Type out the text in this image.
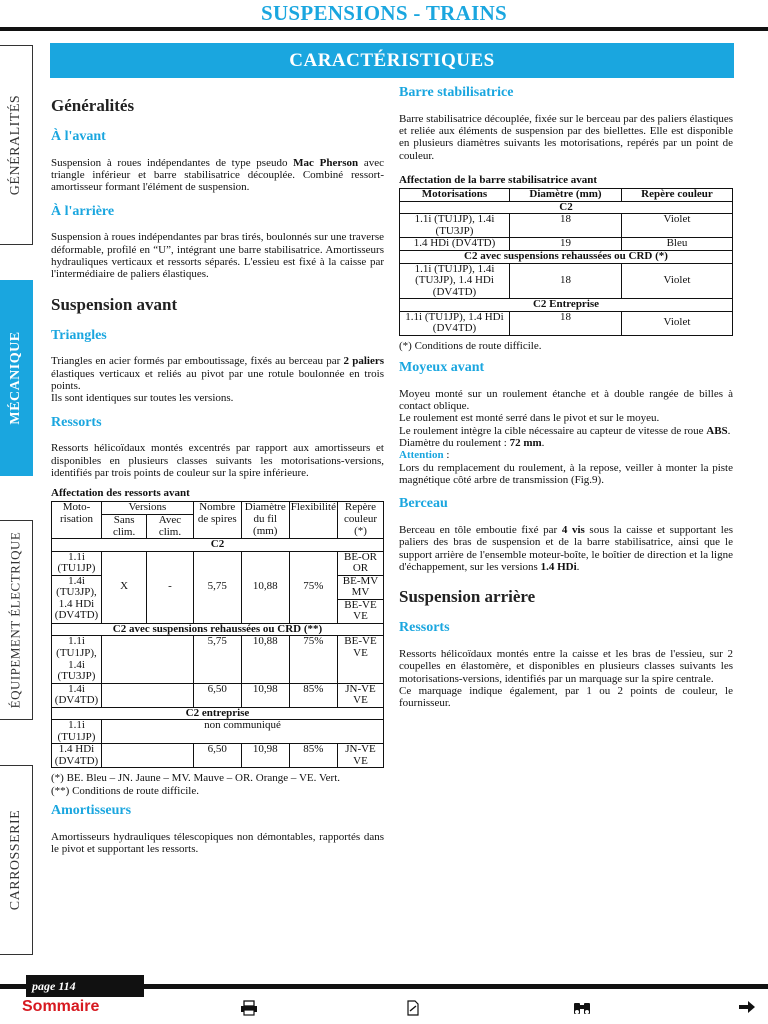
SUSPENSIONS - TRAINS
GÉNÉRALITÉS
MÉCANIQUE
ÉQUIPEMENT ÉLECTRIQUE
CARROSSERIE
CARACTÉRISTIQUES
Généralités
À l'avant

Suspension à roues indépendantes de type pseudo Mac Pherson avec triangle inférieur et barre stabilisatrice découplée. Combiné ressort-amortisseur formant l'élément de suspension.

À l'arrière

Suspension à roues indépendantes par bras tirés, boulonnés sur une traverse déformable, profilé en “U”, intégrant une barre stabilisatrice. Amortisseurs hydrauliques verticaux et ressorts séparés. L'essieu est fixé à la caisse par l'intermédiaire de paliers élastiques.

Suspension avant
Triangles

Triangles en acier formés par emboutissage, fixés au berceau par 2 paliers élastiques verticaux et reliés au pivot par une rotule boulonnée en trois points.

Ils sont identiques sur toutes les versions.

Ressorts

Ressorts hélicoïdaux montés excentrés par rapport aux amortisseurs et disponibles en plusieurs classes suivants les motorisations-versions, identifiés par trois points de couleur sur la spire inférieure.

Affectation des ressorts avant
Moto-risation	Versions		Nombre de spires	Diamètre du fil (mm)	Flexibilité	Repère couleur (*)
	Sans clim.	Avec clim.				
C2						
1.1i (TU1JP)	X	-	5,75	10,88	75%	BE-OR OR
1.4i (TU3JP), 1.4 HDi (DV4TD)						BE-MV MV
						BE-VE VE
C2 avec suspensions rehaussées ou CRD (**)						
1.1i (TU1JP), 1.4i (TU3JP)			5,75	10,88	75%	BE-VE VE
1.4i (DV4TD)			6,50	10,98	85%	JN-VE VE
C2 entreprise						
1.1i (TU1JP)	non communiqué					
1.4 HDi (DV4TD)			6,50	10,98	85%	JN-VE VE

(*) BE. Bleu – JN. Jaune – MV. Mauve – OR. Orange – VE. Vert.

(**) Conditions de route difficile.

Amortisseurs

Amortisseurs hydrauliques télescopiques non démontables, rapportés dans le pivot et supportant les ressorts.

Barre stabilisatrice

Barre stabilisatrice découplée, fixée sur le berceau par des paliers élastiques et reliée aux éléments de suspension par des biellettes. Elle est disponible en plusieurs diamètres suivants les motorisations, repérés par un point de couleur.

Affectation de la barre stabilisatrice avant
Motorisations	Diamètre (mm)	Repère couleur
C2		
1.1i (TU1JP), 1.4i (TU3JP)	18	Violet
1.4 HDi (DV4TD)	19	Bleu
C2 avec suspensions rehaussées ou CRD (*)		
1.1i (TU1JP), 1.4i (TU3JP), 1.4 HDi (DV4TD)	18	Violet
C2 Entreprise		
1.1i (TU1JP), 1.4 HDi (DV4TD)	18	Violet

(*) Conditions de route difficile.

Moyeux avant

Moyeu monté sur un roulement étanche et à double rangée de billes à contact oblique.

Le roulement est monté serré dans le pivot et sur le moyeu.

Le roulement intègre la cible nécessaire au capteur de vitesse de roue ABS.

Diamètre du roulement : 72 mm.

Attention :

Lors du remplacement du roulement, à la repose, veiller à monter la piste magnétique côté arbre de transmission (Fig.9).

Berceau

Berceau en tôle emboutie fixé par 4 vis sous la caisse et supportant les paliers des bras de suspension et de la barre stabilisatrice, ainsi que le support arrière de l'ensemble moteur-boîte, le boîtier de direction et la ligne d'échappement, sur les versions 1.4 HDi.

Suspension arrière
Ressorts

Ressorts hélicoïdaux montés entre la caisse et les bras de l'essieu, sur 2 coupelles en élastomère, et disponibles en plusieurs classes suivants les motorisations-versions, identifiés par un marquage sur la spire centrale.

Ce marquage indique également, par 1 ou 2 points de couleur, le fournisseur.

page 114
Sommaire
